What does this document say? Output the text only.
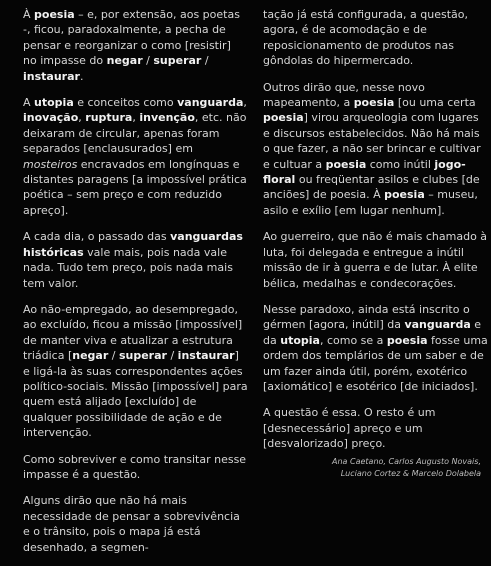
À poesia – e, por extensão, aos poetas -, ficou, paradoxalmente, a pecha de pensar e reorganizar o como [resistir] no impasse do negar / superar / instaurar.

A utopia e conceitos como vanguarda, inovação, ruptura, invenção, etc. não deixaram de circular, apenas foram separados [enclausurados] em mosteiros encravados em longínquas e distantes paragens [a impossível prática poética – sem preço e com reduzido apreço].

A cada dia, o passado das vanguardas históricas vale mais, pois nada vale nada. Tudo tem preço, pois nada mais tem valor.

Ao não-empregado, ao desempregado, ao excluído, ficou a missão [impossível] de manter viva e atualizar a estrutura triádica [negar / superar / instaurar] e ligá-la às suas correspondentes ações político-sociais. Missão [impossível] para quem está alijado [excluído] de qualquer possibilidade de ação e de intervenção.

Como sobreviver e como transitar nesse impasse é a questão.

Alguns dirão que não há mais necessidade de pensar a sobrevivência e o trânsito, pois o mapa já está desenhado, a segmen-

tação já está configurada, a questão, agora, é de acomodação e de reposicionamento de produtos nas gôndolas do hipermercado.

Outros dirão que, nesse novo mapeamento, a poesia [ou uma certa poesia] virou arqueologia com lugares e discursos estabelecidos. Não há mais o que fazer, a não ser brincar e cultivar e cultuar a poesia como inútil jogo-floral ou freqüentar asilos e clubes [de anciões] de poesia. À poesia – museu, asilo e exílio [em lugar nenhum].

Ao guerreiro, que não é mais chamado à luta, foi delegada e entregue a inútil missão de ir à guerra e de lutar. À elite bélica, medalhas e condecorações.

Nesse paradoxo, ainda está inscrito o gérmen [agora, inútil] da vanguarda e da utopia, como se a poesia fosse uma ordem dos templários de um saber e de um fazer ainda útil, porém, exotérico [axiomático] e esotérico [de iniciados].

A questão é essa. O resto é um [desnecessário] apreço e um [desvalorizado] preço.

Ana Caetano, Carlos Augusto Novais,
Luciano Cortez & Marcelo Dolabela
